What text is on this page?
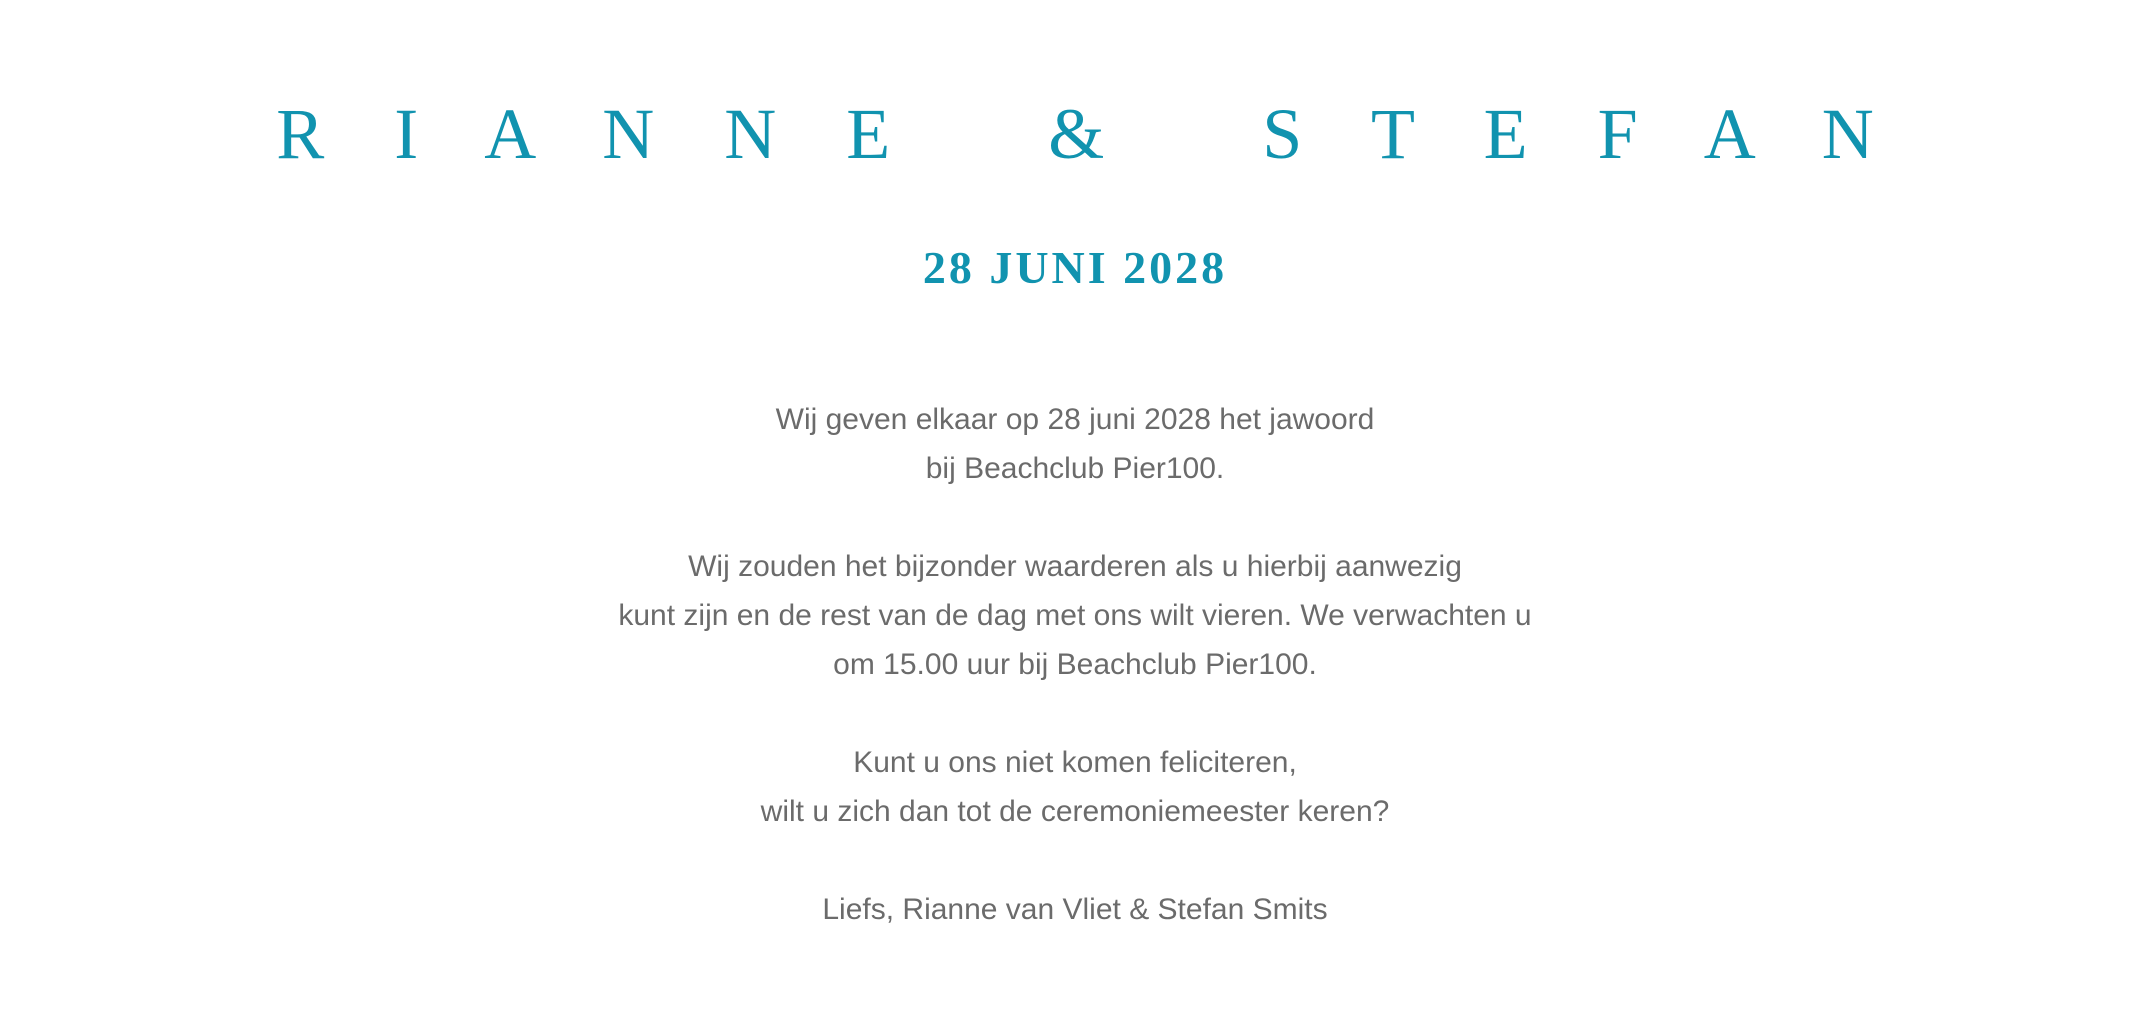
R I A N N E   &   S T E F A N
28 JUNI 2028

Wij geven elkaar op 28 juni 2028 het jawoord
bij Beachclub Pier100.

Wij zouden het bijzonder waarderen als u hierbij aanwezig
kunt zijn en de rest van de dag met ons wilt vieren. We verwachten u
om 15.00 uur bij Beachclub Pier100.

Kunt u ons niet komen feliciteren,
wilt u zich dan tot de ceremoniemeester keren?

Liefs, Rianne van Vliet & Stefan Smits
